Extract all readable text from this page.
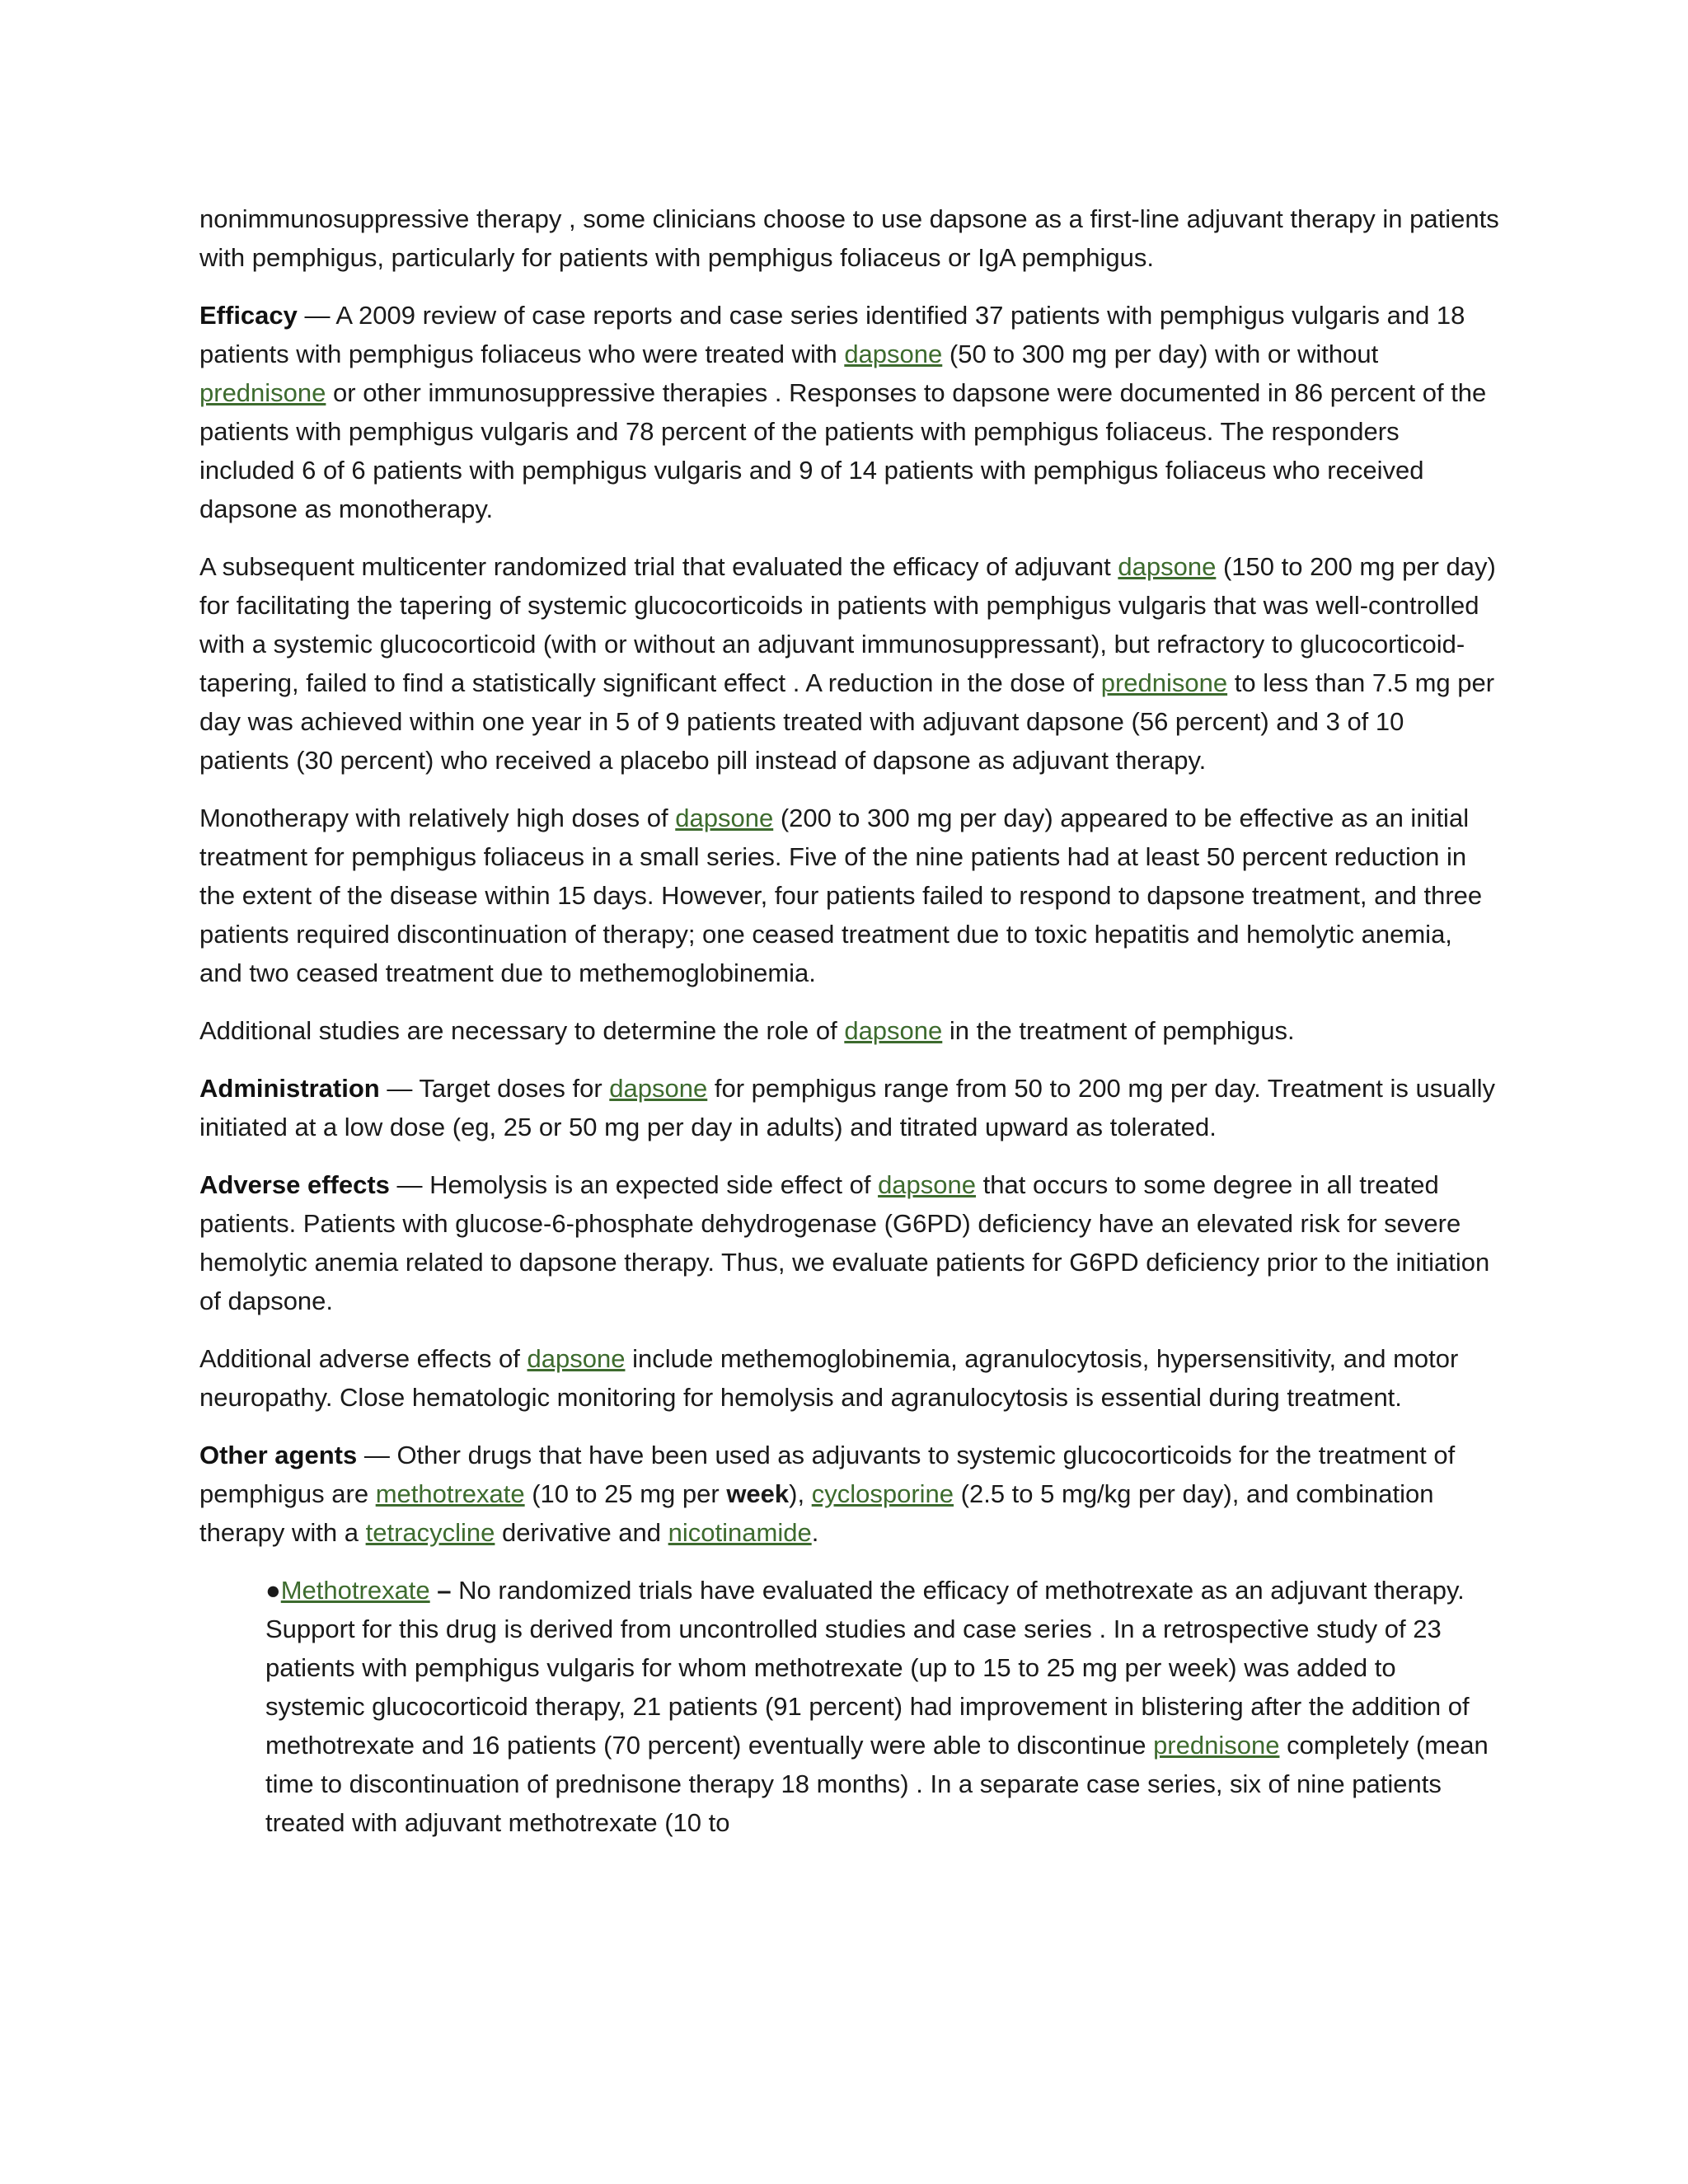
nonimmunosuppressive therapy , some clinicians choose to use dapsone as a first-line adjuvant therapy in patients with pemphigus, particularly for patients with pemphigus foliaceus or IgA pemphigus.

Efficacy — A 2009 review of case reports and case series identified 37 patients with pemphigus vulgaris and 18 patients with pemphigus foliaceus who were treated with dapsone (50 to 300 mg per day) with or without prednisone or other immunosuppressive therapies . Responses to dapsone were documented in 86 percent of the patients with pemphigus vulgaris and 78 percent of the patients with pemphigus foliaceus. The responders included 6 of 6 patients with pemphigus vulgaris and 9 of 14 patients with pemphigus foliaceus who received dapsone as monotherapy.

A subsequent multicenter randomized trial that evaluated the efficacy of adjuvant dapsone (150 to 200 mg per day) for facilitating the tapering of systemic glucocorticoids in patients with pemphigus vulgaris that was well-controlled with a systemic glucocorticoid (with or without an adjuvant immunosuppressant), but refractory to glucocorticoid-tapering, failed to find a statistically significant effect . A reduction in the dose of prednisone to less than 7.5 mg per day was achieved within one year in 5 of 9 patients treated with adjuvant dapsone (56 percent) and 3 of 10 patients (30 percent) who received a placebo pill instead of dapsone as adjuvant therapy.

Monotherapy with relatively high doses of dapsone (200 to 300 mg per day) appeared to be effective as an initial treatment for pemphigus foliaceus in a small series. Five of the nine patients had at least 50 percent reduction in the extent of the disease within 15 days. However, four patients failed to respond to dapsone treatment, and three patients required discontinuation of therapy; one ceased treatment due to toxic hepatitis and hemolytic anemia, and two ceased treatment due to methemoglobinemia.

Additional studies are necessary to determine the role of dapsone in the treatment of pemphigus.

Administration — Target doses for dapsone for pemphigus range from 50 to 200 mg per day. Treatment is usually initiated at a low dose (eg, 25 or 50 mg per day in adults) and titrated upward as tolerated.

Adverse effects — Hemolysis is an expected side effect of dapsone that occurs to some degree in all treated patients. Patients with glucose-6-phosphate dehydrogenase (G6PD) deficiency have an elevated risk for severe hemolytic anemia related to dapsone therapy. Thus, we evaluate patients for G6PD deficiency prior to the initiation of dapsone.

Additional adverse effects of dapsone include methemoglobinemia, agranulocytosis, hypersensitivity, and motor neuropathy. Close hematologic monitoring for hemolysis and agranulocytosis is essential during treatment.

Other agents — Other drugs that have been used as adjuvants to systemic glucocorticoids for the treatment of pemphigus are methotrexate (10 to 25 mg per week), cyclosporine (2.5 to 5 mg/kg per day), and combination therapy with a tetracycline derivative and nicotinamide.

●Methotrexate – No randomized trials have evaluated the efficacy of methotrexate as an adjuvant therapy. Support for this drug is derived from uncontrolled studies and case series . In a retrospective study of 23 patients with pemphigus vulgaris for whom methotrexate (up to 15 to 25 mg per week) was added to systemic glucocorticoid therapy, 21 patients (91 percent) had improvement in blistering after the addition of methotrexate and 16 patients (70 percent) eventually were able to discontinue prednisone completely (mean time to discontinuation of prednisone therapy 18 months) . In a separate case series, six of nine patients treated with adjuvant methotrexate (10 to
